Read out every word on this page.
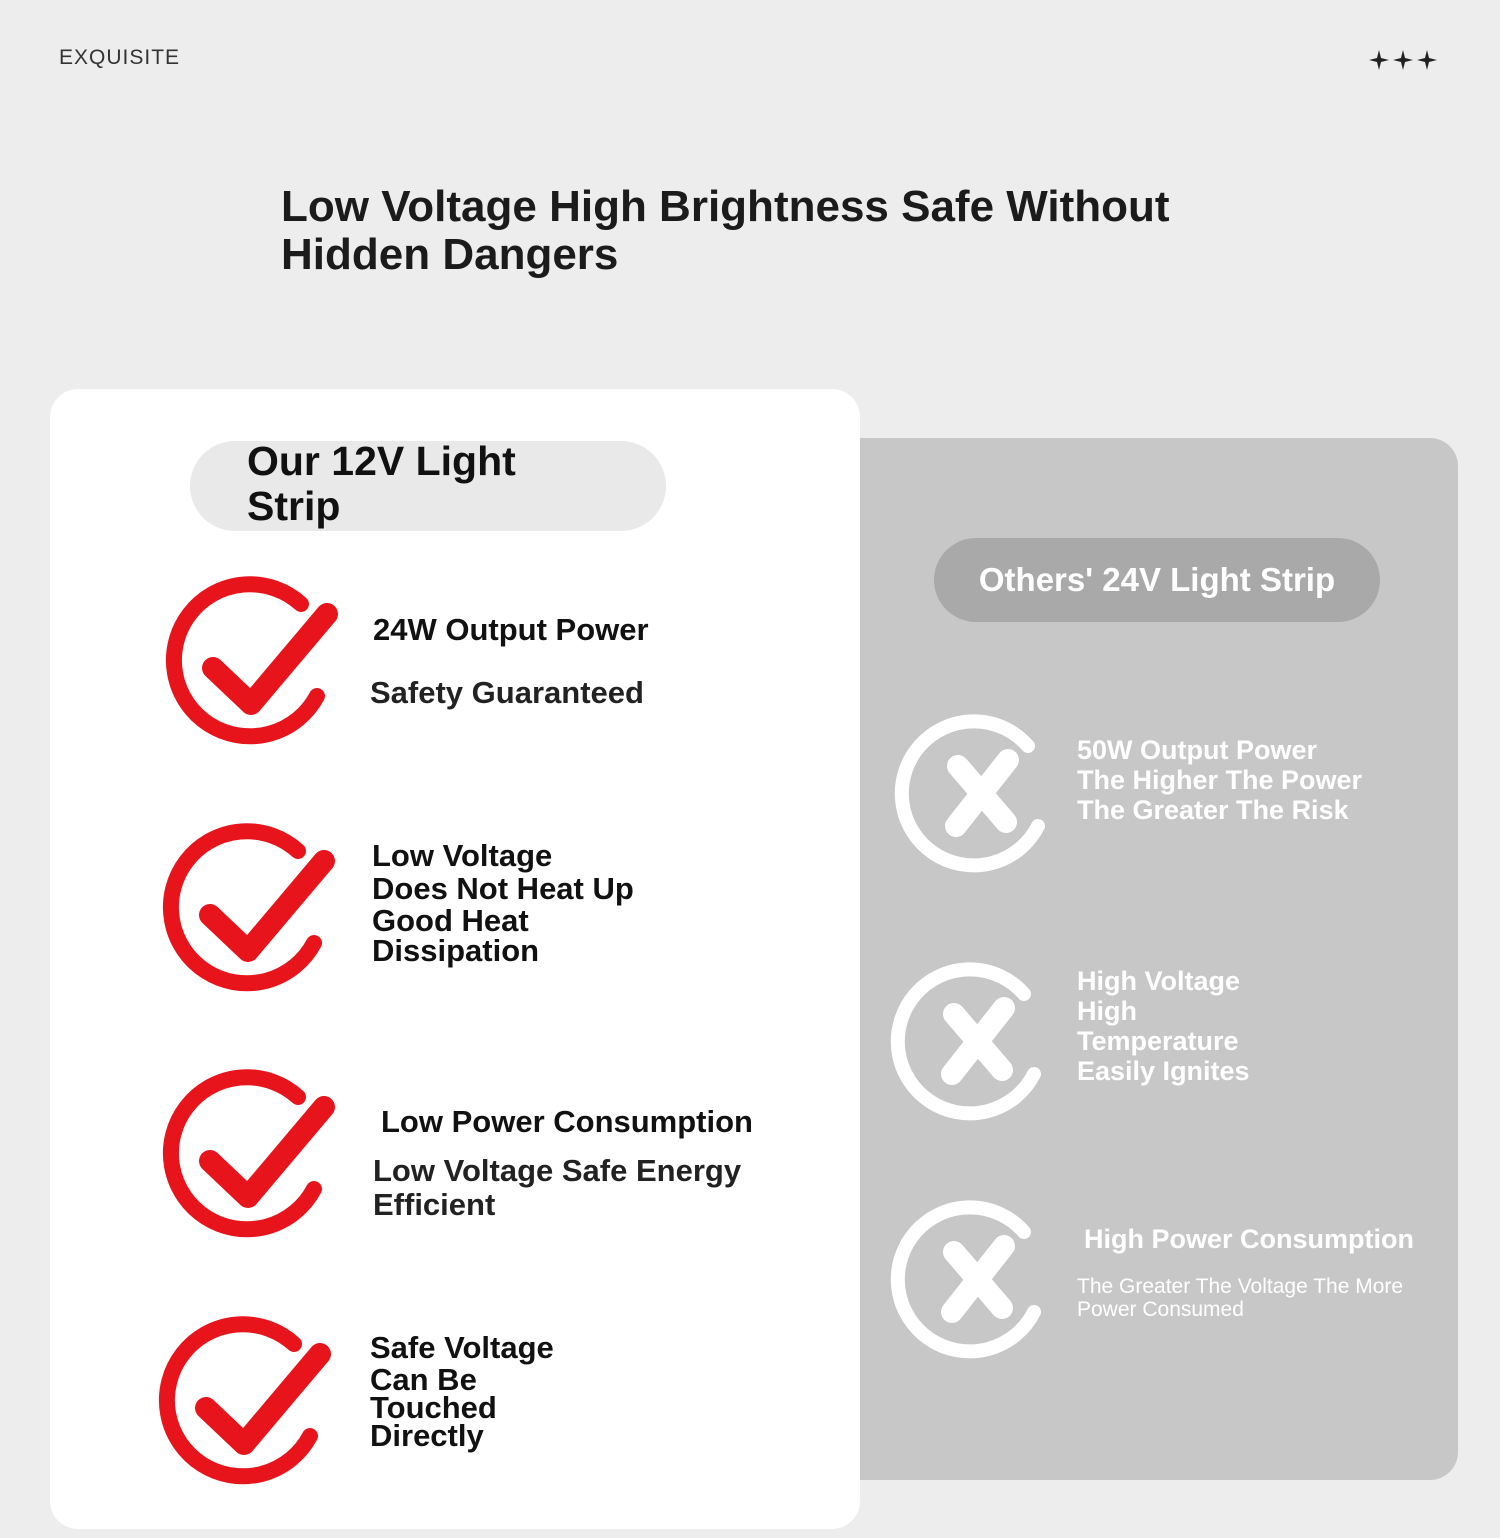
EXQUISITE
Low Voltage High Brightness Safe Without Hidden Dangers
Others' 24V Light Strip
50W Output Power
The Higher The Power
The Greater The Risk
High Voltage
High
Temperature
Easily Ignites
High Power Consumption
The Greater The Voltage The More
Power Consumed
Our 12V Light Strip
24W Output Power
Safety Guaranteed
Low Voltage
Does Not Heat Up
Good Heat
Dissipation
Low Power Consumption
Low Voltage Safe Energy
Efficient
Safe Voltage
Can Be
Touched
Directly
